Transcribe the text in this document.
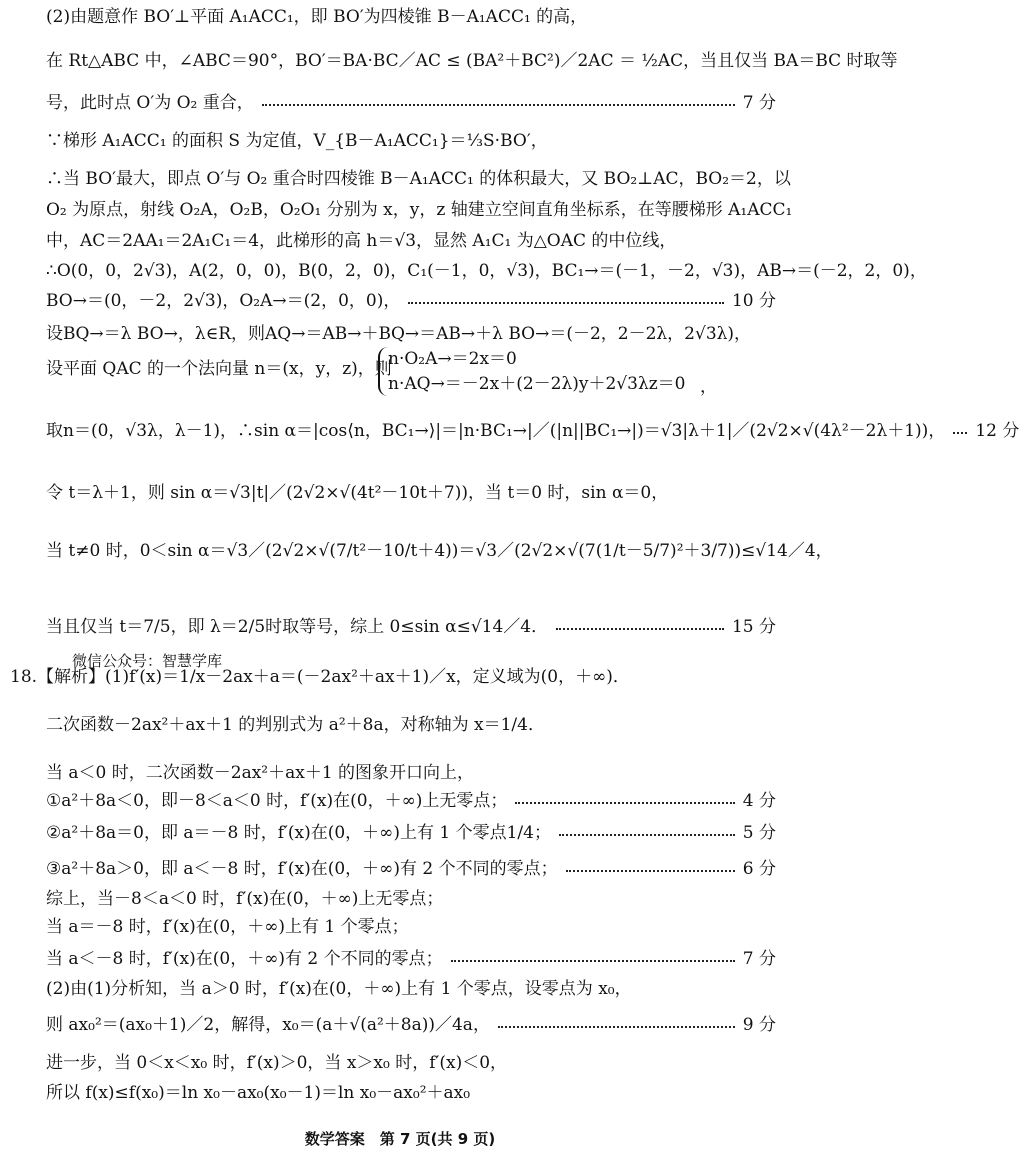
(2)由题意作 BO′⊥平面 A₁ACC₁，即 BO′为四棱锥 B－A₁ACC₁ 的高，
在 Rt△ABC 中，∠ABC＝90°，BO′＝BA·BC／AC ≤ (BA²＋BC²)／2AC ＝ ½AC，当且仅当 BA＝BC 时取等
号，此时点 O′为 O₂ 重合，	7 分
∵梯形 A₁ACC₁ 的面积 S 为定值，V_{B－A₁ACC₁}＝⅓S·BO′，
∴当 BO′最大，即点 O′与 O₂ 重合时四棱锥 B－A₁ACC₁ 的体积最大，又 BO₂⊥AC，BO₂＝2，以
O₂ 为原点，射线 O₂A，O₂B，O₂O₁ 分别为 x，y，z 轴建立空间直角坐标系，在等腰梯形 A₁ACC₁
中，AC＝2AA₁＝2A₁C₁＝4，此梯形的高 h＝√3，显然 A₁C₁ 为△OAC 的中位线，
∴O(0，0，2√3)，A(2，0，0)，B(0，2，0)，C₁(－1，0，√3)，BC₁→＝(－1，－2，√3)，AB→＝(－2，2，0)，
BO→＝(0，－2，2√3)，O₂A→＝(2，0，0)，	10 分
设BQ→＝λ BO→，λ∈R，则AQ→＝AB→＋BQ→＝AB→＋λ BO→＝(－2，2－2λ，2√3λ)，
设平面 QAC 的一个法向量 n＝(x，y，z)，则
取n＝(0，√3λ，λ－1)，∴sin α＝|cos⟨n，BC₁→⟩|＝|n·BC₁→|／(|n||BC₁→|)＝√3|λ＋1|／(2√2×√(4λ²－2λ＋1))， 12 分
令 t＝λ＋1，则 sin α＝√3|t|／(2√2×√(4t²－10t＋7))，当 t＝0 时，sin α＝0，
当 t≠0 时，0＜sin α＝√3／(2√2×√(7/t²－10/t＋4))＝√3／(2√2×√(7(1/t－5/7)²＋3/7))≤√14／4，
当且仅当 t＝7/5，即 λ＝2/5时取等号，综上 0≤sin α≤√14／4．	15 分
18.【解析】(1)f′(x)＝1/x－2ax＋a＝(－2ax²＋ax＋1)／x，定义域为(0，＋∞)．
二次函数－2ax²＋ax＋1 的判别式为 a²＋8a，对称轴为 x＝1/4．
当 a＜0 时，二次函数－2ax²＋ax＋1 的图象开口向上，
①a²＋8a＜0，即－8＜a＜0 时，f′(x)在(0，＋∞)上无零点；	4 分
②a²＋8a＝0，即 a＝－8 时，f′(x)在(0，＋∞)上有 1 个零点1/4；	5 分
③a²＋8a＞0，即 a＜－8 时，f′(x)在(0，＋∞)有 2 个不同的零点；	6 分
综上，当－8＜a＜0 时，f′(x)在(0，＋∞)上无零点；
当 a＝－8 时，f′(x)在(0，＋∞)上有 1 个零点；
当 a＜－8 时，f′(x)在(0，＋∞)有 2 个不同的零点；	7 分
(2)由(1)分析知，当 a＞0 时，f′(x)在(0，＋∞)上有 1 个零点，设零点为 x₀，
则 ax₀²＝(ax₀＋1)／2，解得，x₀＝(a＋√(a²＋8a))／4a，	9 分
进一步，当 0＜x＜x₀ 时，f′(x)＞0，当 x＞x₀ 时，f′(x)＜0，
所以 f(x)≤f(x₀)＝ln x₀－ax₀(x₀－1)＝ln x₀－ax₀²＋ax₀
n·O₂A→＝2x＝0
n·AQ→＝－2x＋(2－2λ)y＋2√3λz＝0 ，
微信公众号：智慧学库
数学答案　第 7 页(共 9 页)
